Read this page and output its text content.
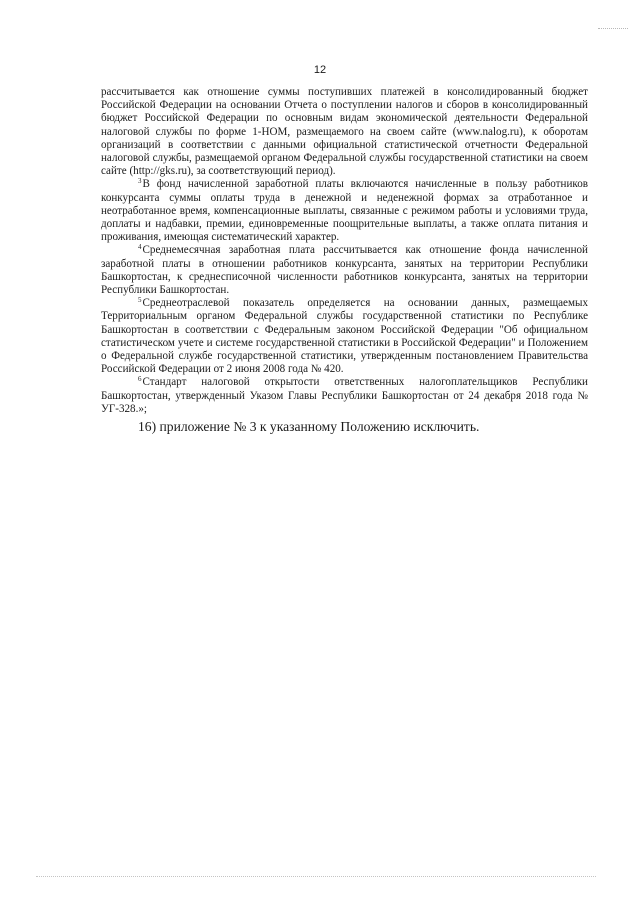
12

рассчитывается как отношение суммы поступивших платежей в консолидированный бюджет Российской Федерации на основании Отчета о поступлении налогов и сборов в консолидированный бюджет Российской Федерации по основным видам экономической деятельности Федеральной налоговой службы по форме 1-НОМ, размещаемого на своем сайте (www.nalog.ru), к оборотам организаций в соответствии с данными официальной статистической отчетности Федеральной налоговой службы, размещаемой органом Федеральной службы государственной статистики на своем сайте (http://gks.ru), за соответствующий период).

$^3$В фонд начисленной заработной платы включаются начисленные в пользу работников конкурсанта суммы оплаты труда в денежной и неденежной формах за отработанное и неотработанное время, компенсационные выплаты, связанные с режимом работы и условиями труда, доплаты и надбавки, премии, единовременные поощрительные выплаты, а также оплата питания и проживания, имеющая систематический характер.

$^4$Среднемесячная заработная плата рассчитывается как отношение фонда начисленной заработной платы в отношении работников конкурсанта, занятых на территории Республики Башкортостан, к среднесписочной численности работников конкурсанта, занятых на территории Республики Башкортостан.

$^5$Среднеотраслевой показатель определяется на основании данных, размещаемых Территориальным органом Федеральной службы государственной статистики по Республике Башкортостан в соответствии с Федеральным законом Российской Федерации "Об официальном статистическом учете и системе государственной статистики в Российской Федерации" и Положением о Федеральной службе государственной статистики, утвержденным постановлением Правительства Российской Федерации от 2 июня 2008 года № 420.

$^6$Стандарт налоговой открытости ответственных налогоплательщиков Республики Башкортостан, утвержденный Указом Главы Республики Башкортостан от 24 декабря 2018 года № УГ-328.»;

16) приложение № 3 к указанному Положению исключить.
